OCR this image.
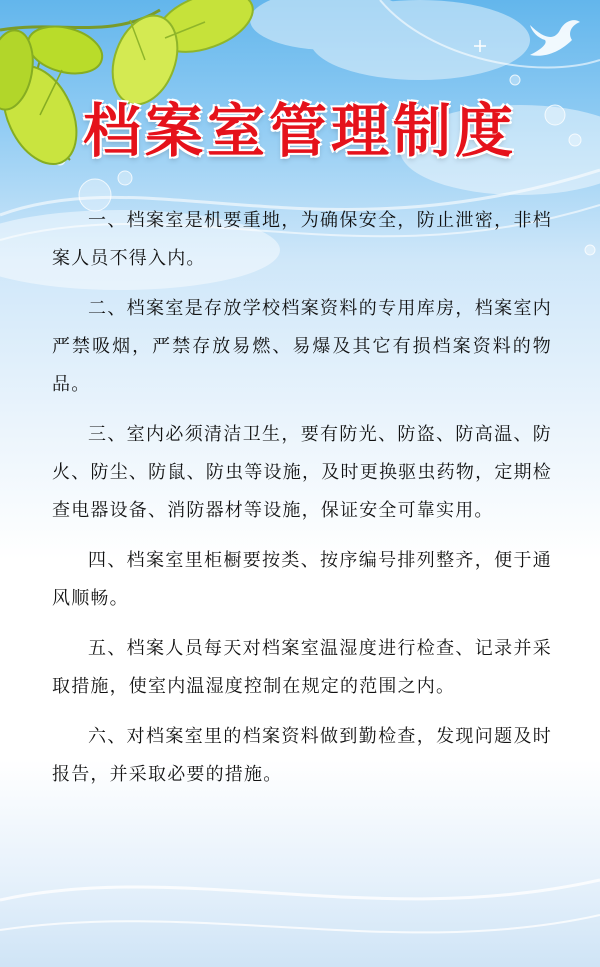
档案室管理制度

一、档案室是机要重地，为确保安全，防止泄密，非档案人员不得入内。

二、档案室是存放学校档案资料的专用库房，档案室内严禁吸烟，严禁存放易燃、易爆及其它有损档案资料的物品。

三、室内必须清洁卫生，要有防光、防盗、防高温、防火、防尘、防鼠、防虫等设施，及时更换驱虫药物，定期检查电器设备、消防器材等设施，保证安全可靠实用。

四、档案室里柜橱要按类、按序编号排列整齐，便于通风顺畅。

五、档案人员每天对档案室温湿度进行检查、记录并采取措施，使室内温湿度控制在规定的范围之内。

六、对档案室里的档案资料做到勤检查，发现问题及时报告，并采取必要的措施。
